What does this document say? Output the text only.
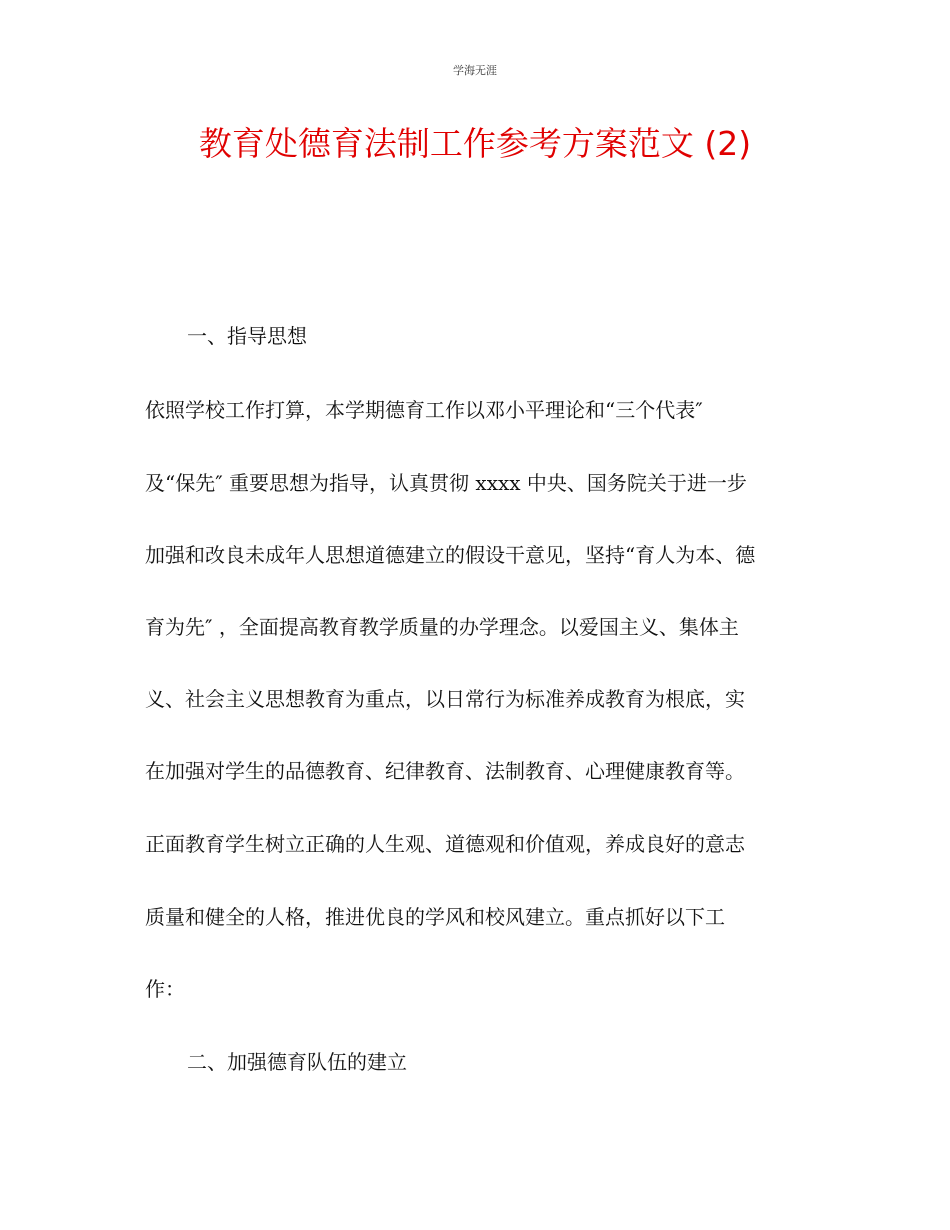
学海无涯
教育处德育法制工作参考方案范文 (2)
一、指导思想
依照学校工作打算，本学期德育工作以邓小平理论和“三个代表″
及“保先″ 重要思想为指导，认真贯彻 xxxx 中央、国务院关于进一步
加强和改良未成年人思想道德建立的假设干意见，坚持“育人为本、德
育为先″ ，全面提高教育教学质量的办学理念。以爱国主义、集体主
义、社会主义思想教育为重点，以日常行为标准养成教育为根底，实
在加强对学生的品德教育、纪律教育、法制教育、心理健康教育等。
正面教育学生树立正确的人生观、道德观和价值观，养成良好的意志
质量和健全的人格，推进优良的学风和校风建立。重点抓好以下工
作：
二、加强德育队伍的建立
